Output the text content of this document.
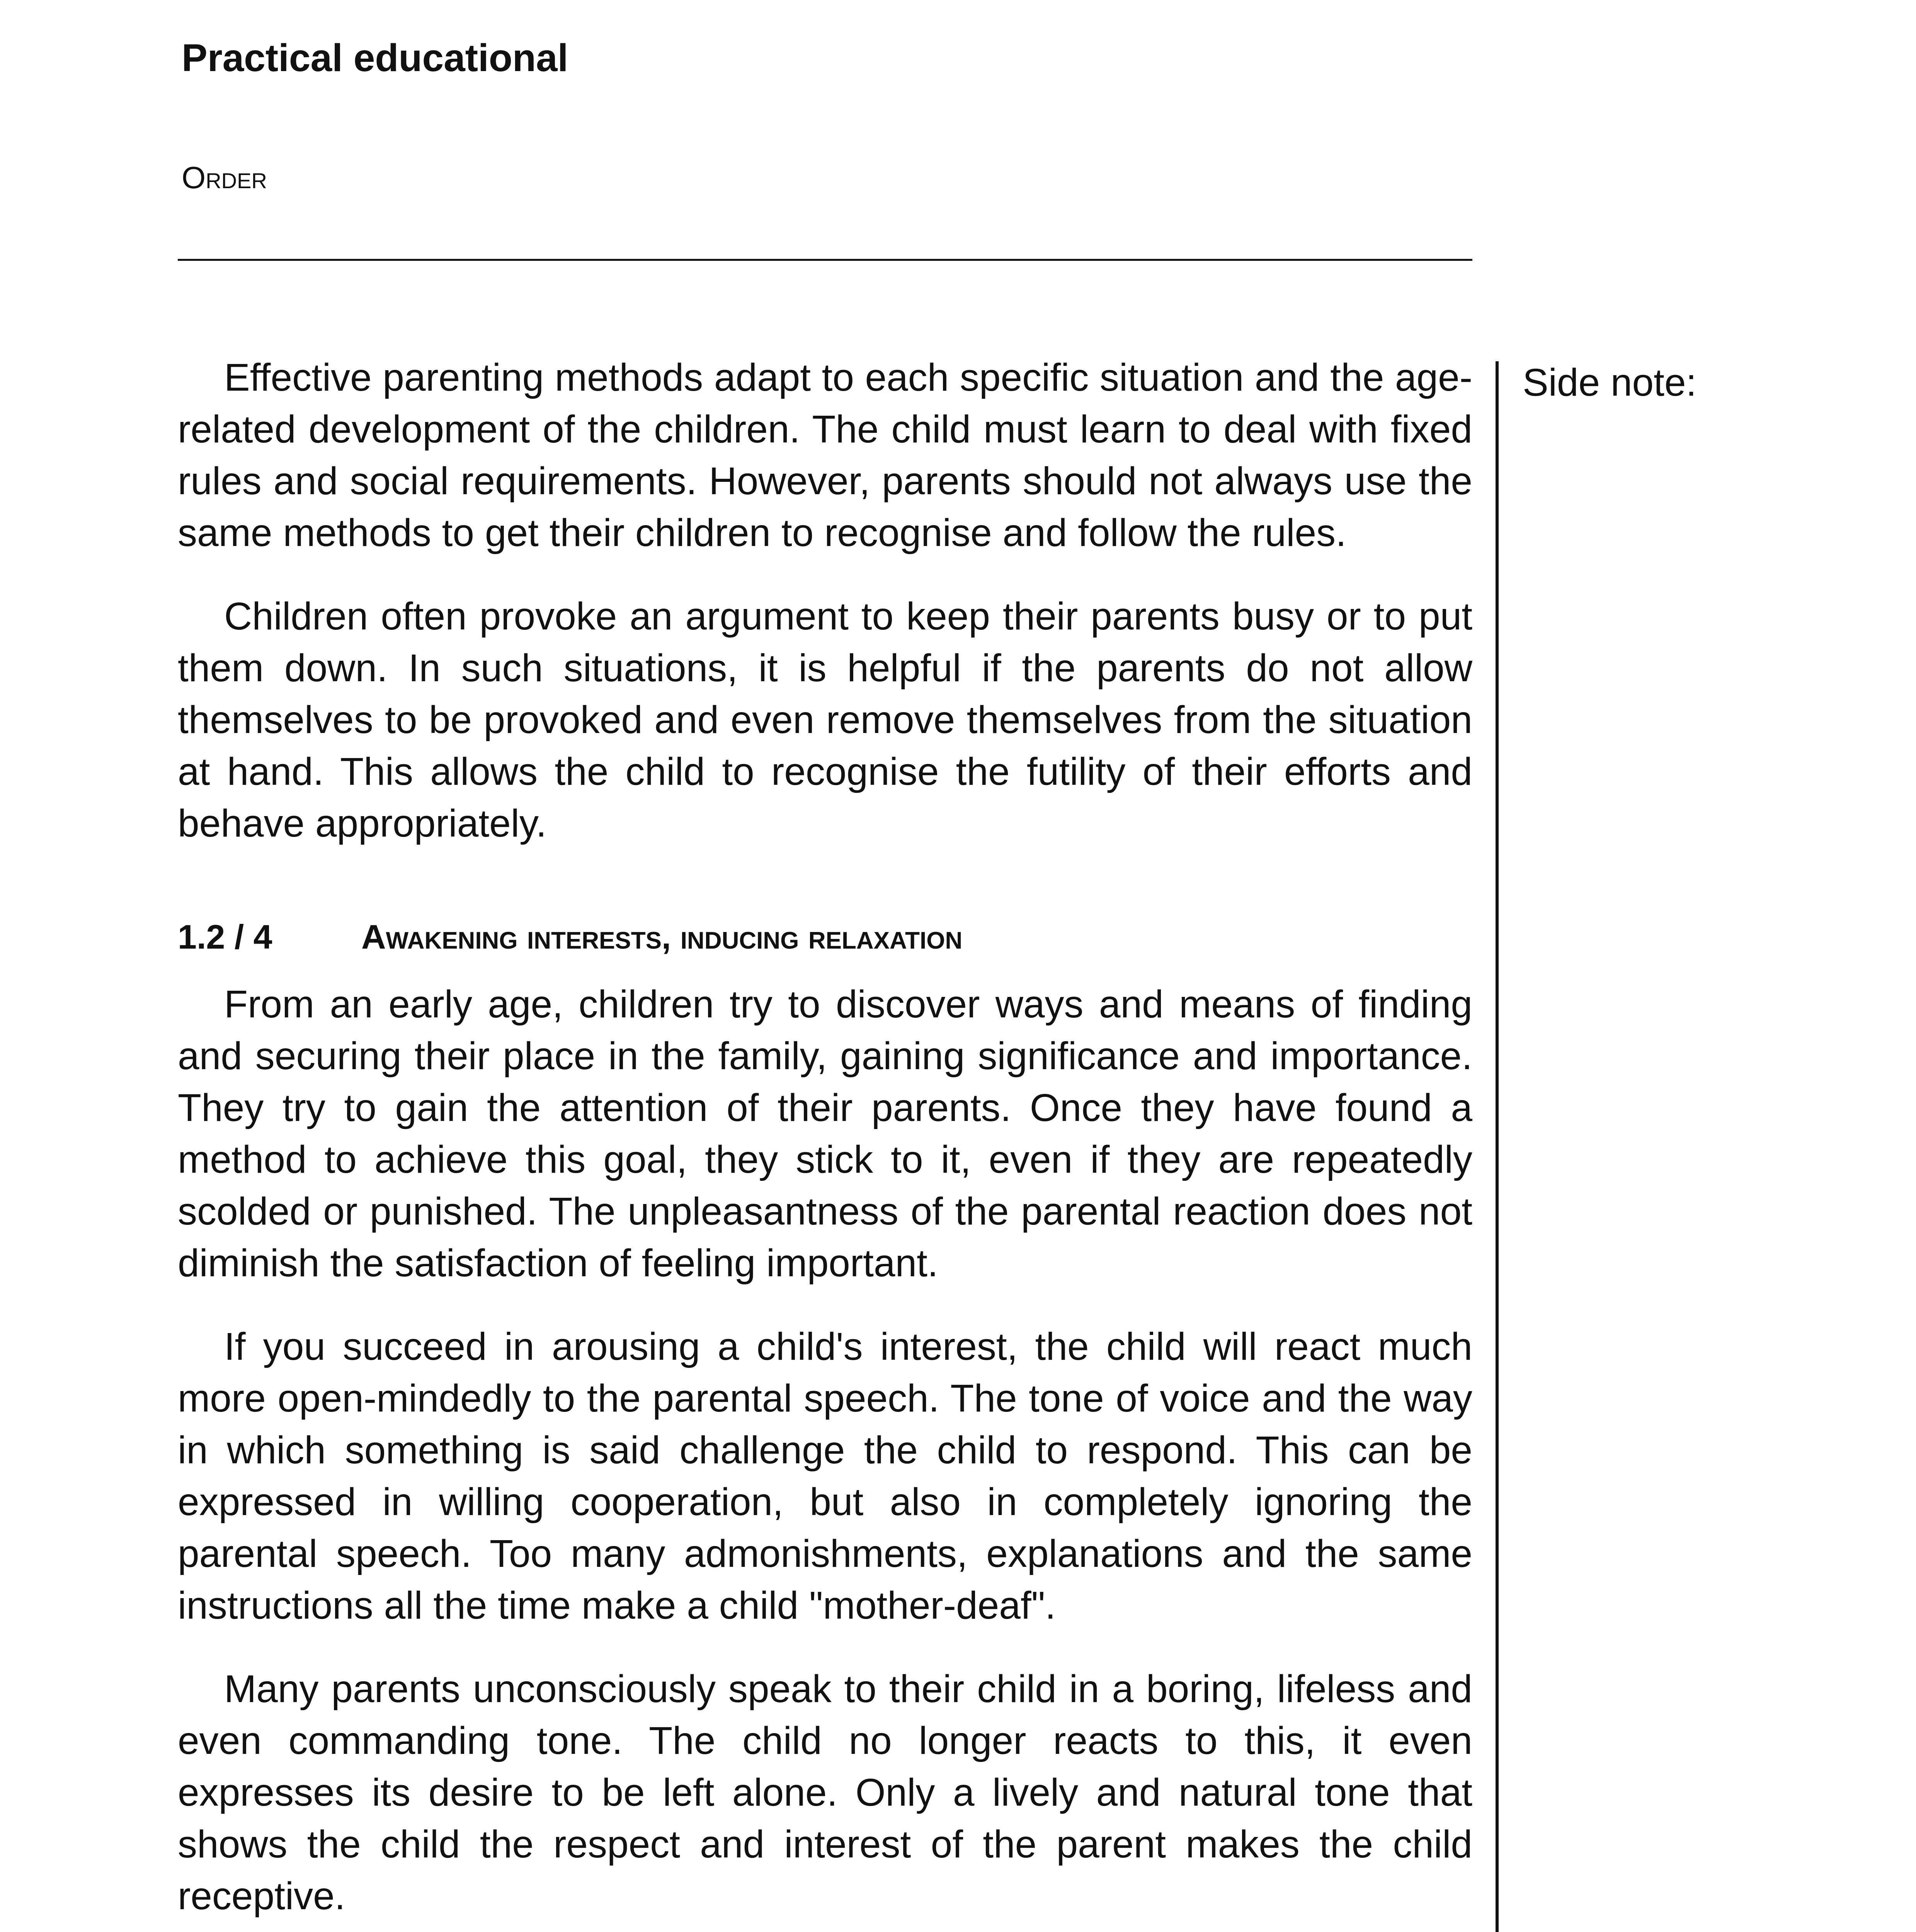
Practical educational
Order
Side note:

Effective parenting methods adapt to each specific situation and the age-related development of the children. The child must learn to deal with fixed rules and social requirements. However, parents should not always use the same methods to get their children to recognise and follow the rules.

Children often provoke an argument to keep their parents busy or to put them down. In such situations, it is helpful if the parents do not allow themselves to be provoked and even remove themselves from the situation at hand. This allows the child to recognise the futility of their efforts and behave appropriately.

1.2 / 4	Awakening interests, inducing relaxation

From an early age, children try to discover ways and means of finding and securing their place in the family, gaining significance and importance. They try to gain the attention of their parents. Once they have found a method to achieve this goal, they stick to it, even if they are repeatedly scolded or punished. The unpleasantness of the parental reaction does not diminish the satisfaction of feeling important.

If you succeed in arousing a child's interest, the child will react much more open-mindedly to the parental speech. The tone of voice and the way in which something is said challenge the child to respond. This can be expressed in willing cooperation, but also in completely ignoring the parental speech. Too many admonishments, explanations and the same instructions all the time make a child "mother-deaf".

Many parents unconsciously speak to their child in a boring, lifeless and even commanding tone. The child no longer reacts to this, it even expresses its desire to be left alone. Only a lively and natural tone that shows the child the respect and interest of the parent makes the child receptive.
